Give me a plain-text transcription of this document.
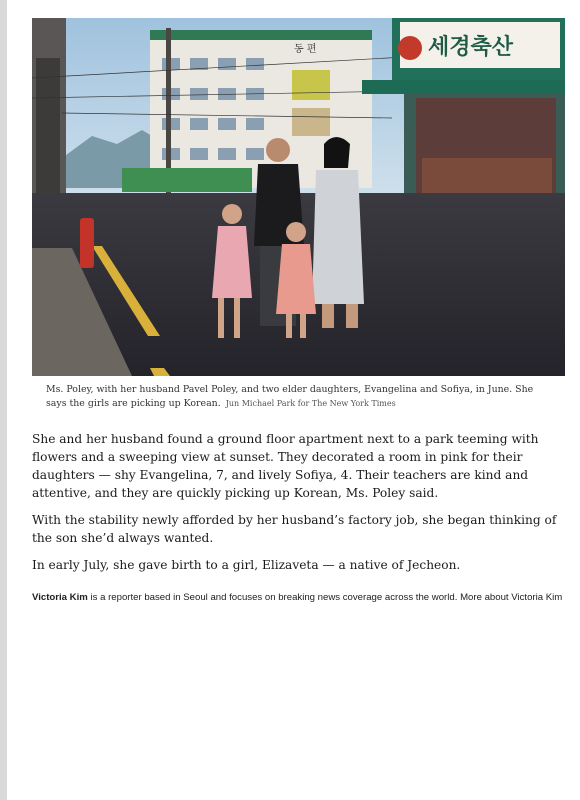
동 편	세경축산
Ms. Poley, with her husband Pavel Poley, and two elder daughters, Evangelina and Sofiya, in June. She says the girls are picking up Korean. Jun Michael Park for The New York Times

She and her husband found a ground floor apartment next to a park teeming with flowers and a sweeping view at sunset. They decorated a room in pink for their daughters — shy Evangelina, 7, and lively Sofiya, 4. Their teachers are kind and attentive, and they are quickly picking up Korean, Ms. Poley said.

With the stability newly afforded by her husband’s factory job, she began thinking of the son she’d always wanted.

In early July, she gave birth to a girl, Elizaveta — a native of Jecheon.

Victoria Kim is a reporter based in Seoul and focuses on breaking news coverage across the world. More about Victoria Kim
